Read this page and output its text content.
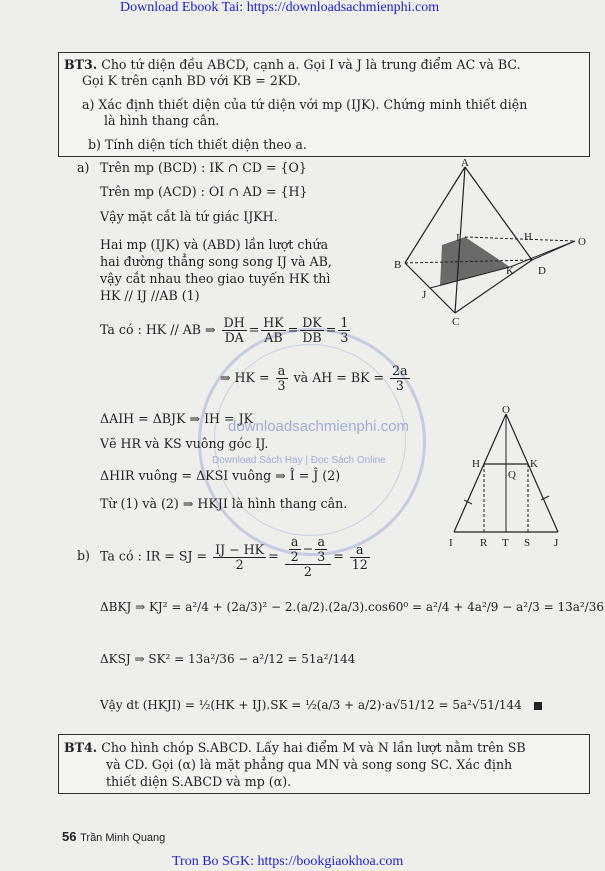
Download Ebook Tai: https://downloadsachmienphi.com
BT3. Cho tứ diện đều ABCD, cạnh a. Gọi I và J là trung điểm AC và BC.
Gọi K trên cạnh BD với KB = 2KD.
a) Xác định thiết diện của tứ diện với mp (IJK). Chứng minh thiết diện
là hình thang cân.
b) Tính diện tích thiết diện theo a.
downloadsachmienphi.com
Download Sách Hay | Đọc Sách Online
a) Trên mp (BCD) : IK ∩ CD = {O}
Trên mp (ACD) : OI ∩ AD = {H}
Vậy mặt cắt là tứ giác IJKH.
Hai mp (IJK) và (ABD) lần lượt chứa
hai đường thẳng song song IJ và AB,
vậy cắt nhau theo giao tuyến HK thì
HK // IJ //AB (1)
Ta có : HK // AB ⇒ $\frac{DH}{DA} = \frac{HK}{AB} = \frac{DK}{DB} = \frac{1}{3}$
⇒ HK = $\frac{a}{3}$ và AH = BK = $\frac{2a}{3}$
ΔAIH = ΔBJK ⇒ IH = JK
Vẽ HR và KS vuông góc IJ.
ΔHIR vuông = ΔKSI vuông ⇒ Î = Ĵ (2)
Từ (1) và (2) ⇒ HKJI là hình thang cân.
b) Ta có : IR = SJ = $\frac{IJ - HK}{2} = \frac{\frac{a}{2} - \frac{a}{3}}{2} = \frac{a}{12}$
ΔBKJ ⇒ KJ² = a²/4 + (2a/3)² − 2.(a/2).(2a/3).cos60⁰ = a²/4 + 4a²/9 − a²/3 = 13a²/36
ΔKSJ ⇒ SK² = 13a²/36 − a²/12 = 51a²/144
Vậy dt (HKJI) = ½(HK + IJ).SK = ½(a/3 + a/2)·a√51/12 = 5a²√51/144
BT4. Cho hình chóp S.ABCD. Lấy hai điểm M và N lần lượt nằm trên SB
và CD. Gọi (α) là mặt phẳng qua MN và song song SC. Xác định
thiết diện S.ABCD và mp (α).
A
I	H	O
B	K D
J
C
O
H	K
Q
I R T S J
56 Trần Minh Quang
Tron Bo SGK: https://bookgiaokhoa.com
